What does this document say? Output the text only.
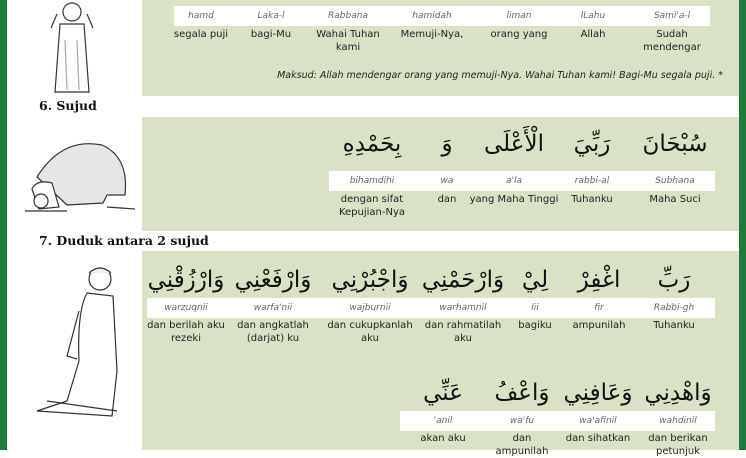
hamd
segala puji
Laka-l
bagi-Mu
Rabbana
Wahai Tuhan kami
hamidah
Memuji-Nya,
liman
orang yang
lLahu
Allah
Sami'a-l
Sudah mendengar
Maksud: Allah mendengar orang yang memuji-Nya. Wahai Tuhan kami! Bagi-Mu segala puji. *
6. Sujud
بِحَمْدِهِ
bihamdihi
dengan sifat Kepujian-Nya
وَ
wa
dan
الْأَعْلَى
a'la
yang Maha Tinggi
رَبِّيَ
rabbi-al
Tuhanku
سُبْحَانَ
Subhana
Maha Suci
7. Duduk antara 2 sujud
وَارْزُقْنِي
warzuqnii
dan berilah aku rezeki
وَارْفَعْنِي
warfa'nii
dan angkatlah (darjat) ku
وَاجْبُرْنِي
wajburnii
dan cukupkanlah aku
وَارْحَمْنِي
warhamnil
dan rahmatilah aku
لِيْ
lii
bagiku
اغْفِرْ
fir
ampunilah
رَبِّ
Rabbi-gh
Tuhanku
عَنِّي
'anil
akan aku
وَاعْفُ
wa'fu
dan ampunilah
وَعَافِنِي
wa'afinil
dan sihatkan
وَاهْدِنِي
wahdinil
dan berikan petunjuk
